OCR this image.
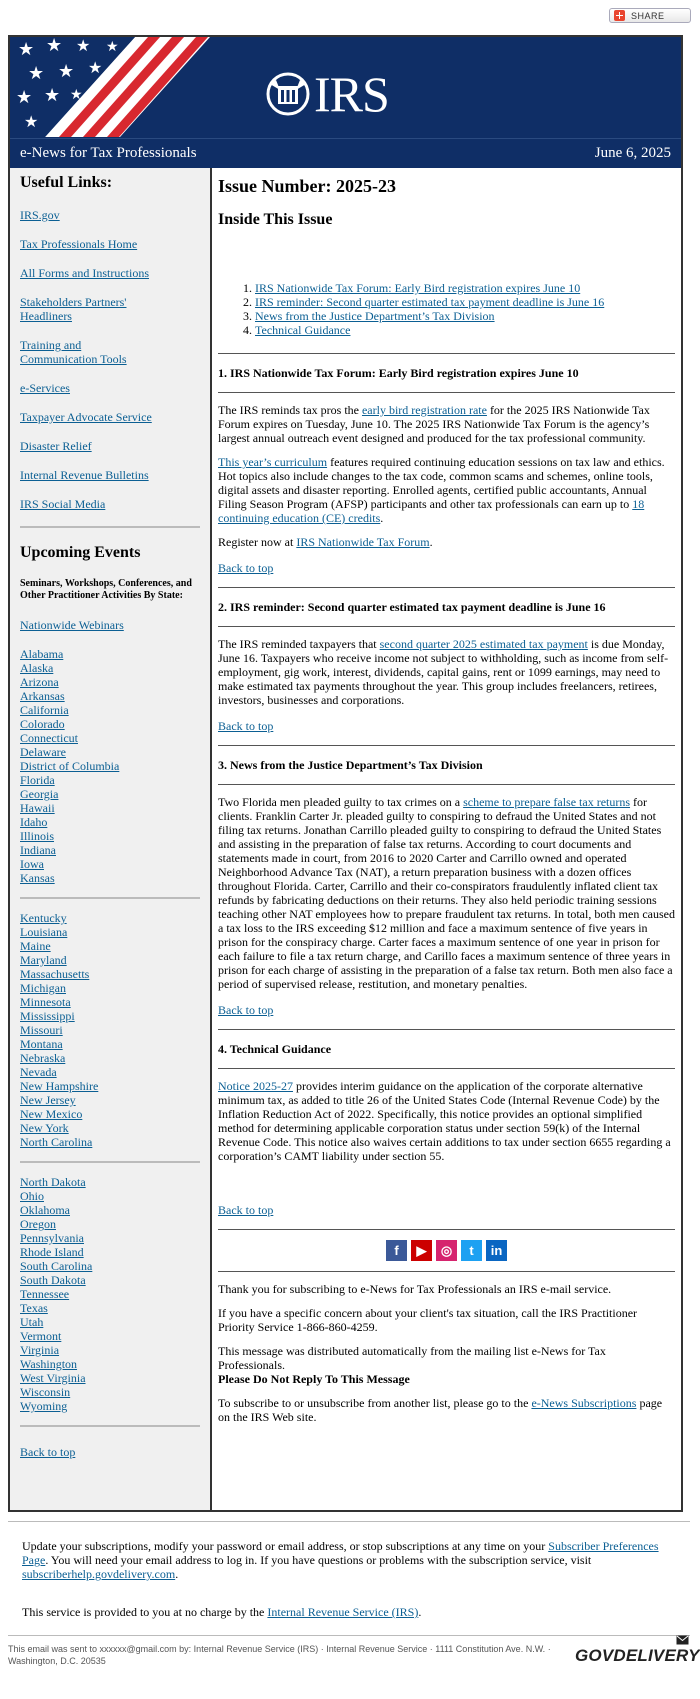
SHARE
★ ★ ★ ★
★ ★ ★
★ ★ ★
★
IRS
e-News for Tax Professionals	June 6, 2025
Useful Links:
IRS.gov
Tax Professionals Home
All Forms and Instructions
Stakeholders Partners' Headliners
Training and Communication Tools
e-Services
Taxpayer Advocate Service
Disaster Relief
Internal Revenue Bulletins
IRS Social Media
Upcoming Events

Seminars, Workshops, Conferences, and Other Practitioner Activities By State:

Nationwide Webinars
Alabama
Alaska
Arizona
Arkansas
California
Colorado
Connecticut
Delaware
District of Columbia
Florida
Georgia
Hawaii
Idaho
Illinois
Indiana
Iowa
Kansas
Kentucky
Louisiana
Maine
Maryland
Massachusetts
Michigan
Minnesota
Mississippi
Missouri
Montana
Nebraska
Nevada
New Hampshire
New Jersey
New Mexico
New York
North Carolina
North Dakota
Ohio
Oklahoma
Oregon
Pennsylvania
Rhode Island
South Carolina
South Dakota
Tennessee
Texas
Utah
Vermont
Virginia
Washington
West Virginia
Wisconsin
Wyoming
Back to top
Issue Number: 2025-23
Inside This Issue
1. IRS Nationwide Tax Forum: Early Bird registration expires June 10
2. IRS reminder: Second quarter estimated tax payment deadline is June 16
3. News from the Justice Department’s Tax Division
4. Technical Guidance
1. IRS Nationwide Tax Forum: Early Bird registration expires June 10

The IRS reminds tax pros the early bird registration rate for the 2025 IRS Nationwide Tax Forum expires on Tuesday, June 10. The 2025 IRS Nationwide Tax Forum is the agency’s largest annual outreach event designed and produced for the tax professional community.

This year’s curriculum features required continuing education sessions on tax law and ethics. Hot topics also include changes to the tax code, common scams and schemes, online tools, digital assets and disaster reporting. Enrolled agents, certified public accountants, Annual Filing Season Program (AFSP) participants and other tax professionals can earn up to 18 continuing education (CE) credits.

Register now at IRS Nationwide Tax Forum.

Back to top
2. IRS reminder: Second quarter estimated tax payment deadline is June 16

The IRS reminded taxpayers that second quarter 2025 estimated tax payment is due Monday, June 16. Taxpayers who receive income not subject to withholding, such as income from self-employment, gig work, interest, dividends, capital gains, rent or 1099 earnings, may need to make estimated tax payments throughout the year. This group includes freelancers, retirees, investors, businesses and corporations.

Back to top
3. News from the Justice Department’s Tax Division

Two Florida men pleaded guilty to tax crimes on a scheme to prepare false tax returns for clients. Franklin Carter Jr. pleaded guilty to conspiring to defraud the United States and not filing tax returns. Jonathan Carrillo pleaded guilty to conspiring to defraud the United States and assisting in the preparation of false tax returns. According to court documents and statements made in court, from 2016 to 2020 Carter and Carrillo owned and operated Neighborhood Advance Tax (NAT), a return preparation business with a dozen offices throughout Florida. Carter, Carrillo and their co-conspirators fraudulently inflated client tax refunds by fabricating deductions on their returns. They also held periodic training sessions teaching other NAT employees how to prepare fraudulent tax returns. In total, both men caused a tax loss to the IRS exceeding $12 million and face a maximum sentence of five years in prison for the conspiracy charge. Carter faces a maximum sentence of one year in prison for each failure to file a tax return charge, and Carillo faces a maximum sentence of three years in prison for each charge of assisting in the preparation of a false tax return. Both men also face a period of supervised release, restitution, and monetary penalties.

Back to top
4. Technical Guidance

Notice 2025-27 provides interim guidance on the application of the corporate alternative minimum tax, as added to title 26 of the United States Code (Internal Revenue Code) by the Inflation Reduction Act of 2022. Specifically, this notice provides an optional simplified method for determining applicable corporation status under section 59(k) of the Internal Revenue Code. This notice also waives certain additions to tax under section 6655 regarding a corporation’s CAMT liability under section 55.

Back to top
f	▶	◎	t	in

Thank you for subscribing to e-News for Tax Professionals an IRS e-mail service.

If you have a specific concern about your client's tax situation, call the IRS Practitioner Priority Service 1-866-860-4259.

This message was distributed automatically from the mailing list e-News for Tax Professionals.
Please Do Not Reply To This Message

To subscribe to or unsubscribe from another list, please go to the e-News Subscriptions page on the IRS Web site.

Update your subscriptions, modify your password or email address, or stop subscriptions at any time on your Subscriber Preferences Page. You will need your email address to log in. If you have questions or problems with the subscription service, visit subscriberhelp.govdelivery.com.
This service is provided to you at no charge by the Internal Revenue Service (IRS).
This email was sent to xxxxxx@gmail.com by: Internal Revenue Service (IRS) · Internal Revenue Service · 1111 Constitution Ave. N.W. · Washington, D.C. 20535	GOVDELIVERY
